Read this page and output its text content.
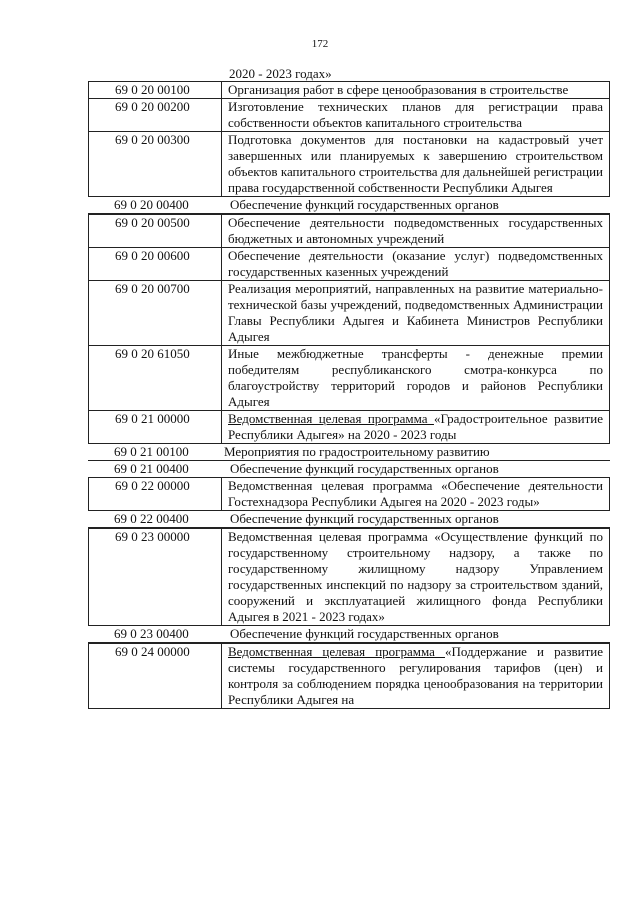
172
2020 - 2023 годах»
69 0 20 00100	Организация работ в сфере ценообразования в строительстве
69 0 20 00200	Изготовление технических планов для регистрации права собственности объектов капитального строительства
69 0 20 00300	Подготовка документов для постановки на кадастровый учет завершенных или планируемых к завершению строительством объектов капитального строительства для дальнейшей регистрации права государственной собственности Республики Адыгея
69 0 20 00400	Обеспечение функций государственных органов
69 0 20 00500	Обеспечение деятельности подведомственных государственных бюджетных и автономных учреждений
69 0 20 00600	Обеспечение деятельности (оказание услуг) подведомственных государственных казенных учреждений
69 0 20 00700	Реализация мероприятий, направленных на развитие материально-технической базы учреждений, подведомственных Администрации Главы Республики Адыгея и Кабинета Министров Республики Адыгея
69 0 20 61050	Иные межбюджетные трансферты - денежные премии победителям республиканского смотра-конкурса по благоустройству территорий городов и районов Республики Адыгея
69 0 21 00000	Ведомственная целевая программа «Градостроительное развитие Республики Адыгея» на 2020 - 2023 годы
69 0 21 00100	Мероприятия по градостроительному развитию
69 0 21 00400	Обеспечение функций государственных органов
69 0 22 00000	Ведомственная целевая программа «Обеспечение деятельности Гостехнадзора Республики Адыгея на 2020 - 2023 годы»
69 0 22 00400	Обеспечение функций государственных органов
69 0 23 00000	Ведомственная целевая программа «Осуществление функций по государственному строительному надзору, а также по государственному жилищному надзору Управлением государственных инспекций по надзору за строительством зданий, сооружений и эксплуатацией жилищного фонда Республики Адыгея в 2021 - 2023 годах»
69 0 23 00400	Обеспечение функций государственных органов
69 0 24 00000	Ведомственная целевая программа «Поддержание и развитие системы государственного регулирования тарифов (цен) и контроля за соблюдением порядка ценообразования на территории Республики Адыгея на
